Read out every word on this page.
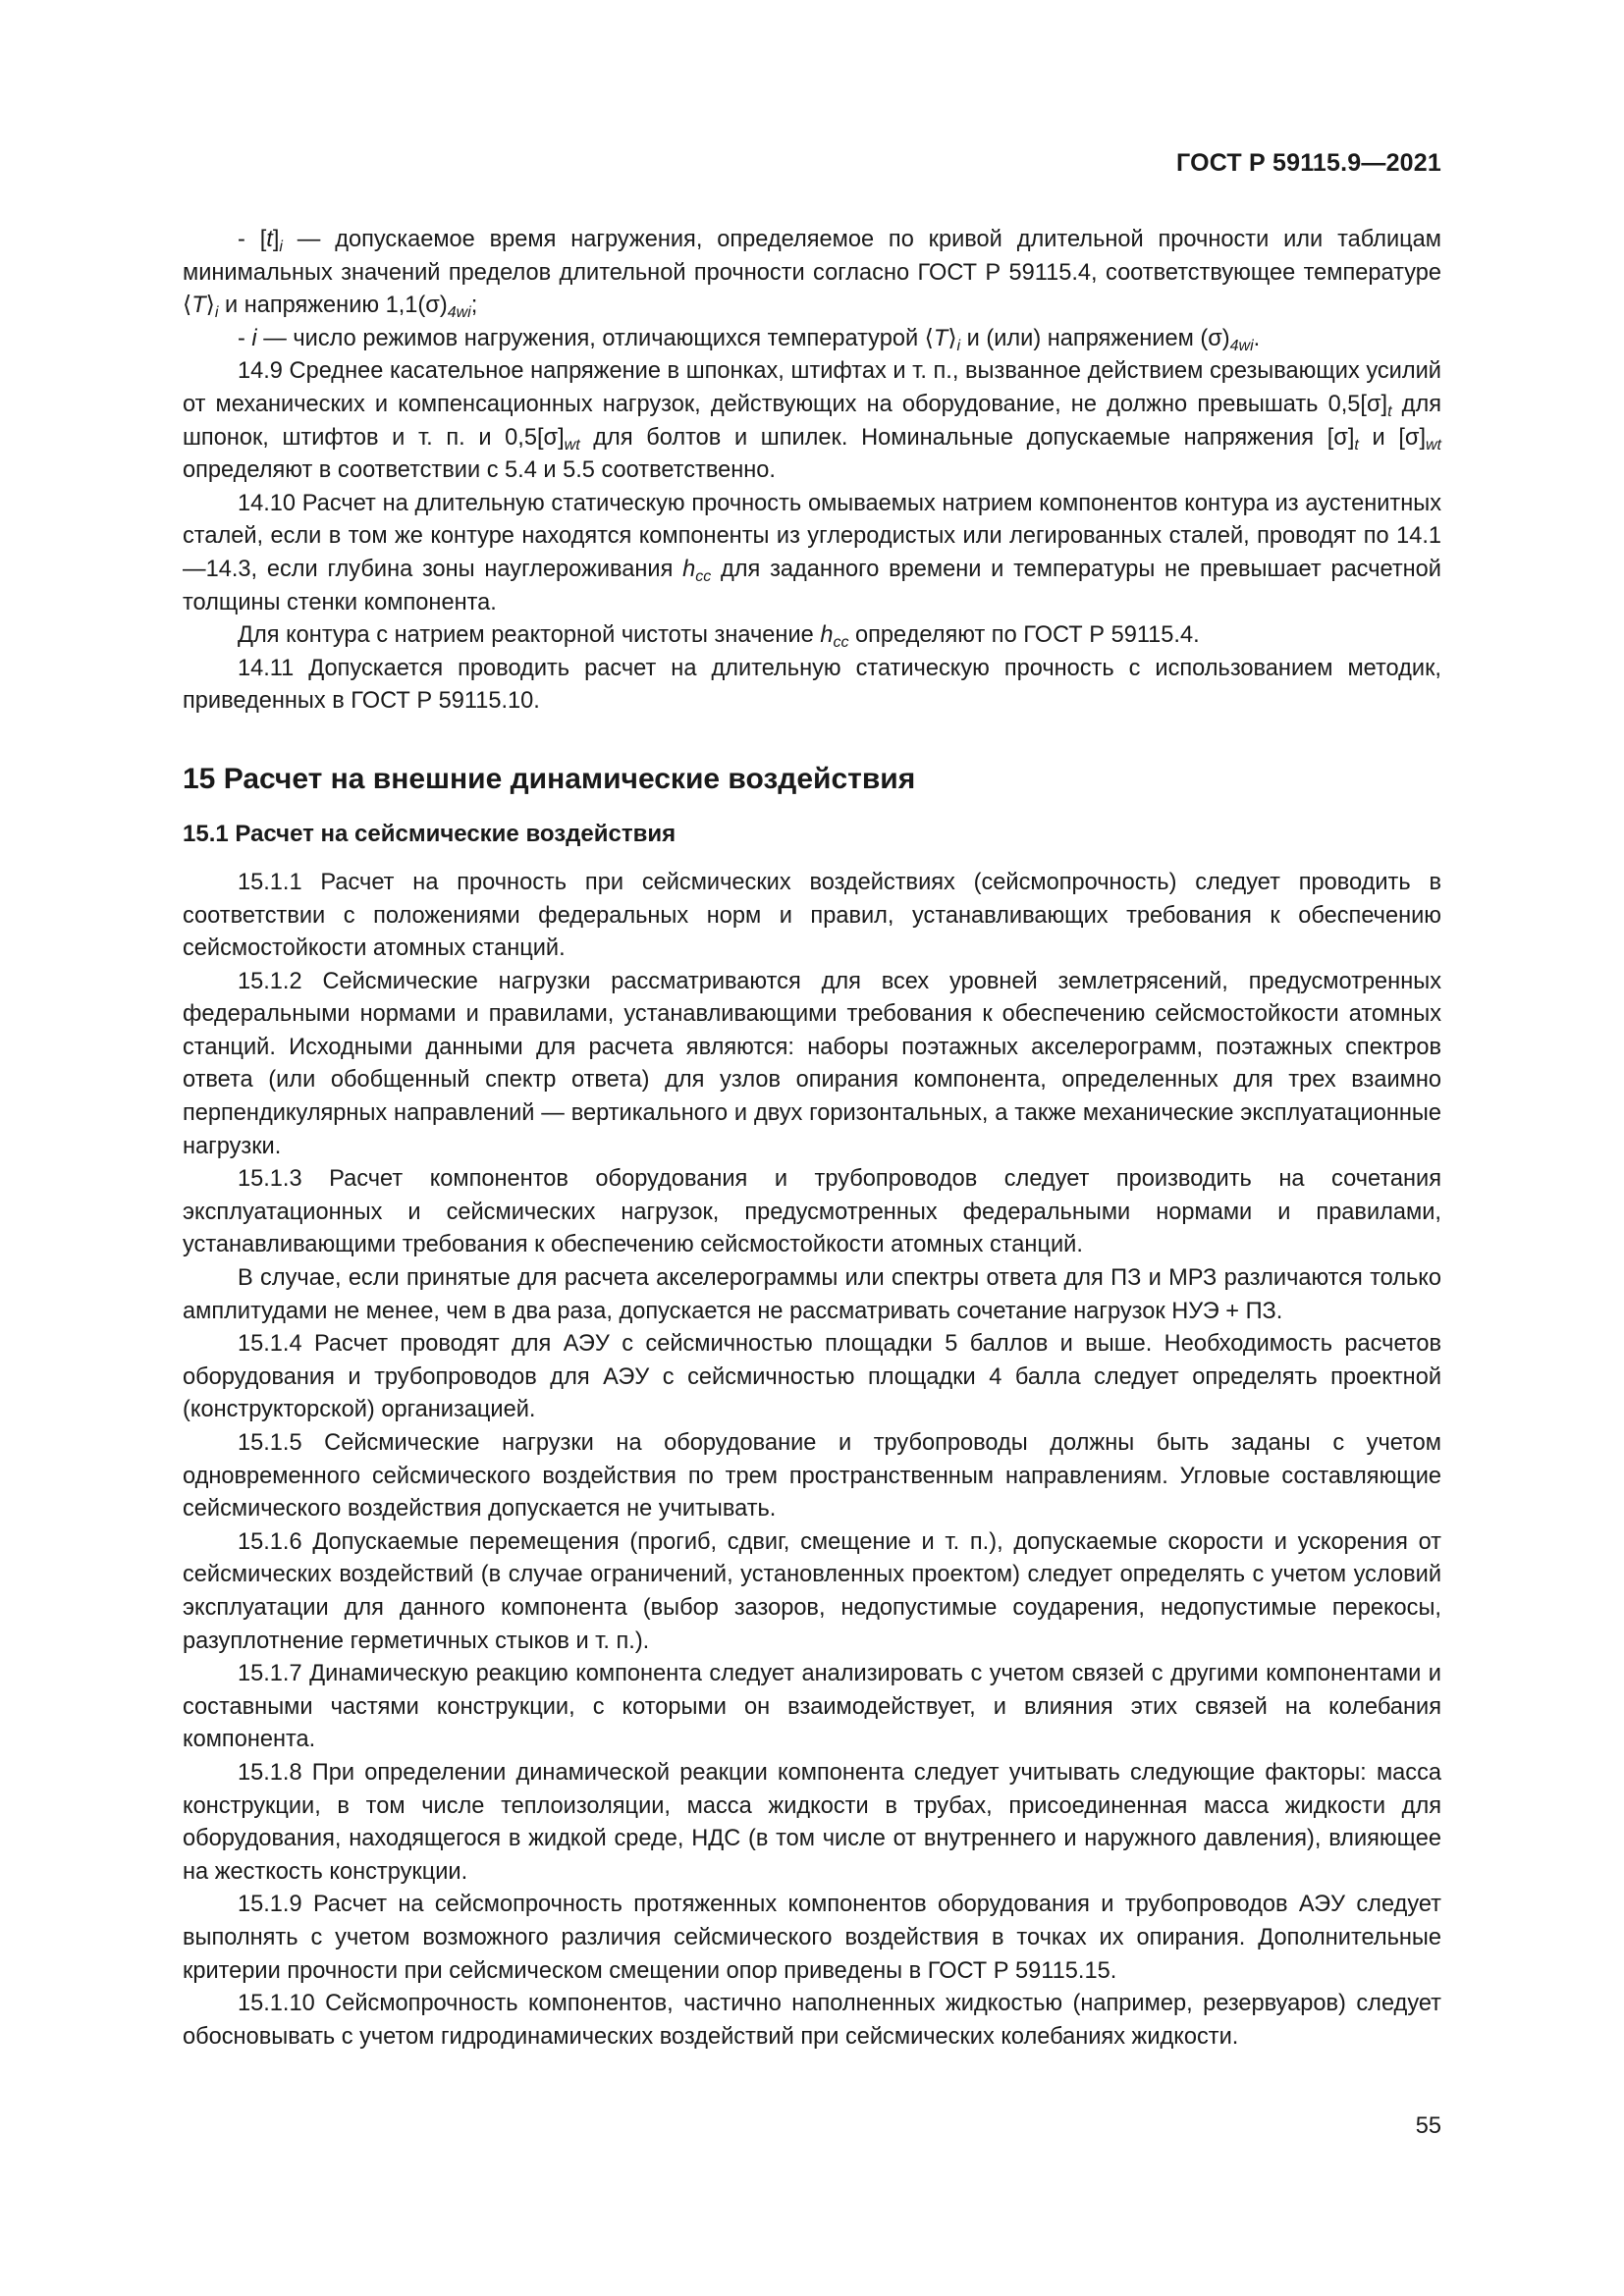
ГОСТ Р 59115.9—2021

- $[t]_i$ — допускаемое время нагружения, определяемое по кривой длительной прочности или таблицам минимальных значений пределов длительной прочности согласно ГОСТ Р 59115.4, соответствующее температуре $⟨T⟩_i$ и напряжению $1,1(\sigma)_{4wi}$;

- i — число режимов нагружения, отличающихся температурой $⟨T⟩_i$ и (или) напряжением $(\sigma)_{4wi}$.

14.9 Среднее касательное напряжение в шпонках, штифтах и т. п., вызванное действием срезывающих усилий от механических и компенсационных нагрузок, действующих на оборудование, не должно превышать $0,5[\sigma]_t$ для шпонок, штифтов и т. п. и $0,5[\sigma]_{wt}$ для болтов и шпилек. Номинальные допускаемые напряжения $[\sigma]_t$ и $[\sigma]_{wt}$ определяют в соответствии с 5.4 и 5.5 соответственно.

14.10 Расчет на длительную статическую прочность омываемых натрием компонентов контура из аустенитных сталей, если в том же контуре находятся компоненты из углеродистых или легированных сталей, проводят по 14.1—14.3, если глубина зоны науглероживания $h_{cc}$ для заданного времени и температуры не превышает расчетной толщины стенки компонента.

Для контура с натрием реакторной чистоты значение $h_{cc}$ определяют по ГОСТ Р 59115.4.

14.11 Допускается проводить расчет на длительную статическую прочность с использованием методик, приведенных в ГОСТ Р 59115.10.

15 Расчет на внешние динамические воздействия
15.1 Расчет на сейсмические воздействия

15.1.1 Расчет на прочность при сейсмических воздействиях (сейсмопрочность) следует проводить в соответствии с положениями федеральных норм и правил, устанавливающих требования к обеспечению сейсмостойкости атомных станций.

15.1.2 Сейсмические нагрузки рассматриваются для всех уровней землетрясений, предусмотренных федеральными нормами и правилами, устанавливающими требования к обеспечению сейсмостойкости атомных станций. Исходными данными для расчета являются: наборы поэтажных акселерограмм, поэтажных спектров ответа (или обобщенный спектр ответа) для узлов опирания компонента, определенных для трех взаимно перпендикулярных направлений — вертикального и двух горизонтальных, а также механические эксплуатационные нагрузки.

15.1.3 Расчет компонентов оборудования и трубопроводов следует производить на сочетания эксплуатационных и сейсмических нагрузок, предусмотренных федеральными нормами и правилами, устанавливающими требования к обеспечению сейсмостойкости атомных станций.

В случае, если принятые для расчета акселерограммы или спектры ответа для ПЗ и МРЗ различаются только амплитудами не менее, чем в два раза, допускается не рассматривать сочетание нагрузок НУЭ + ПЗ.

15.1.4 Расчет проводят для АЭУ с сейсмичностью площадки 5 баллов и выше. Необходимость расчетов оборудования и трубопроводов для АЭУ с сейсмичностью площадки 4 балла следует определять проектной (конструкторской) организацией.

15.1.5 Сейсмические нагрузки на оборудование и трубопроводы должны быть заданы с учетом одновременного сейсмического воздействия по трем пространственным направлениям. Угловые составляющие сейсмического воздействия допускается не учитывать.

15.1.6 Допускаемые перемещения (прогиб, сдвиг, смещение и т. п.), допускаемые скорости и ускорения от сейсмических воздействий (в случае ограничений, установленных проектом) следует определять с учетом условий эксплуатации для данного компонента (выбор зазоров, недопустимые соударения, недопустимые перекосы, разуплотнение герметичных стыков и т. п.).

15.1.7 Динамическую реакцию компонента следует анализировать с учетом связей с другими компонентами и составными частями конструкции, с которыми он взаимодействует, и влияния этих связей на колебания компонента.

15.1.8 При определении динамической реакции компонента следует учитывать следующие факторы: масса конструкции, в том числе теплоизоляции, масса жидкости в трубах, присоединенная масса жидкости для оборудования, находящегося в жидкой среде, НДС (в том числе от внутреннего и наружного давления), влияющее на жесткость конструкции.

15.1.9 Расчет на сейсмопрочность протяженных компонентов оборудования и трубопроводов АЭУ следует выполнять с учетом возможного различия сейсмического воздействия в точках их опирания. Дополнительные критерии прочности при сейсмическом смещении опор приведены в ГОСТ Р 59115.15.

15.1.10 Сейсмопрочность компонентов, частично наполненных жидкостью (например, резервуаров) следует обосновывать с учетом гидродинамических воздействий при сейсмических колебаниях жидкости.

55
